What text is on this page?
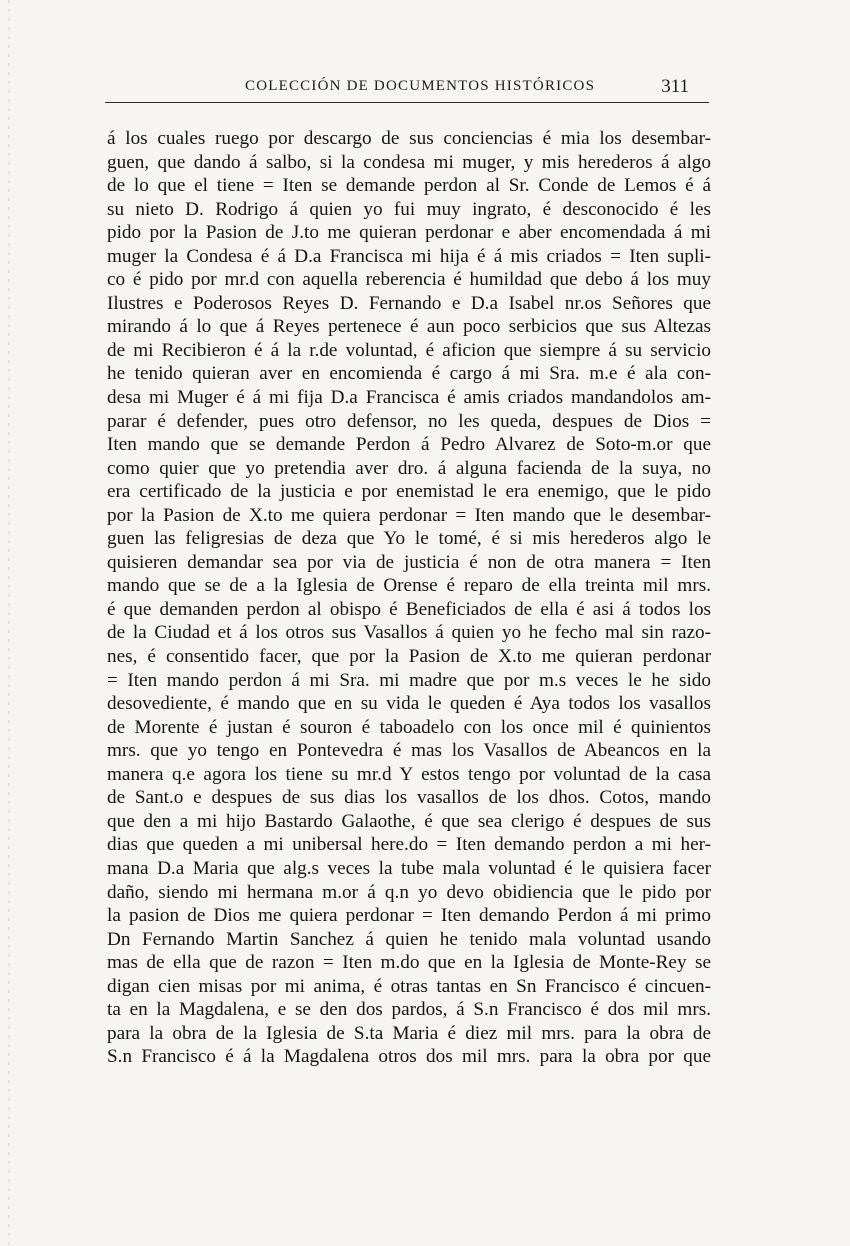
COLECCIÓN DE DOCUMENTOS HISTÓRICOS	311
á los cuales ruego por descargo de sus conciencias é mia los desembar-
guen, que dando á salbo, si la condesa mi muger, y mis herederos á algo
de lo que el tiene = Iten se demande perdon al Sr. Conde de Lemos é á
su nieto D. Rodrigo á quien yo fui muy ingrato, é desconocido é les
pido por la Pasion de J.to me quieran perdonar e aber encomendada á mi
muger la Condesa é á D.a Francisca mi hija é á mis criados = Iten supli-
co é pido por mr.d con aquella reberencia é humildad que debo á los muy
Ilustres e Poderosos Reyes D. Fernando e D.a Isabel nr.os Señores que
mirando á lo que á Reyes pertenece é aun poco serbicios que sus Altezas
de mi Recibieron é á la r.de voluntad, é aficion que siempre á su servicio
he tenido quieran aver en encomienda é cargo á mi Sra. m.e é ala con-
desa mi Muger é á mi fija D.a Francisca é amis criados mandandolos am-
parar é defender, pues otro defensor, no les queda, despues de Dios =
Iten mando que se demande Perdon á Pedro Alvarez de Soto-m.or que
como quier que yo pretendia aver dro. á alguna facienda de la suya, no
era certificado de la justicia e por enemistad le era enemigo, que le pido
por la Pasion de X.to me quiera perdonar = Iten mando que le desembar-
guen las feligresias de deza que Yo le tomé, é si mis herederos algo le
quisieren demandar sea por via de justicia é non de otra manera = Iten
mando que se de a la Iglesia de Orense é reparo de ella treinta mil mrs.
é que demanden perdon al obispo é Beneficiados de ella é asi á todos los
de la Ciudad et á los otros sus Vasallos á quien yo he fecho mal sin razo-
nes, é consentido facer, que por la Pasion de X.to me quieran perdonar
= Iten mando perdon á mi Sra. mi madre que por m.s veces le he sido
desovediente, é mando que en su vida le queden é Aya todos los vasallos
de Morente é justan é souron é taboadelo con los once mil é quinientos
mrs. que yo tengo en Pontevedra é mas los Vasallos de Abeancos en la
manera q.e agora los tiene su mr.d Y estos tengo por voluntad de la casa
de Sant.o e despues de sus dias los vasallos de los dhos. Cotos, mando
que den a mi hijo Bastardo Galaothe, é que sea clerigo é despues de sus
dias que queden a mi unibersal here.do = Iten demando perdon a mi her-
mana D.a Maria que alg.s veces la tube mala voluntad é le quisiera facer
daño, siendo mi hermana m.or á q.n yo devo obidiencia que le pido por
la pasion de Dios me quiera perdonar = Iten demando Perdon á mi primo
Dn Fernando Martin Sanchez á quien he tenido mala voluntad usando
mas de ella que de razon = Iten m.do que en la Iglesia de Monte-Rey se
digan cien misas por mi anima, é otras tantas en Sn Francisco é cincuen-
ta en la Magdalena, e se den dos pardos, á S.n Francisco é dos mil mrs.
para la obra de la Iglesia de S.ta Maria é diez mil mrs. para la obra de
S.n Francisco é á la Magdalena otros dos mil mrs. para la obra por que
